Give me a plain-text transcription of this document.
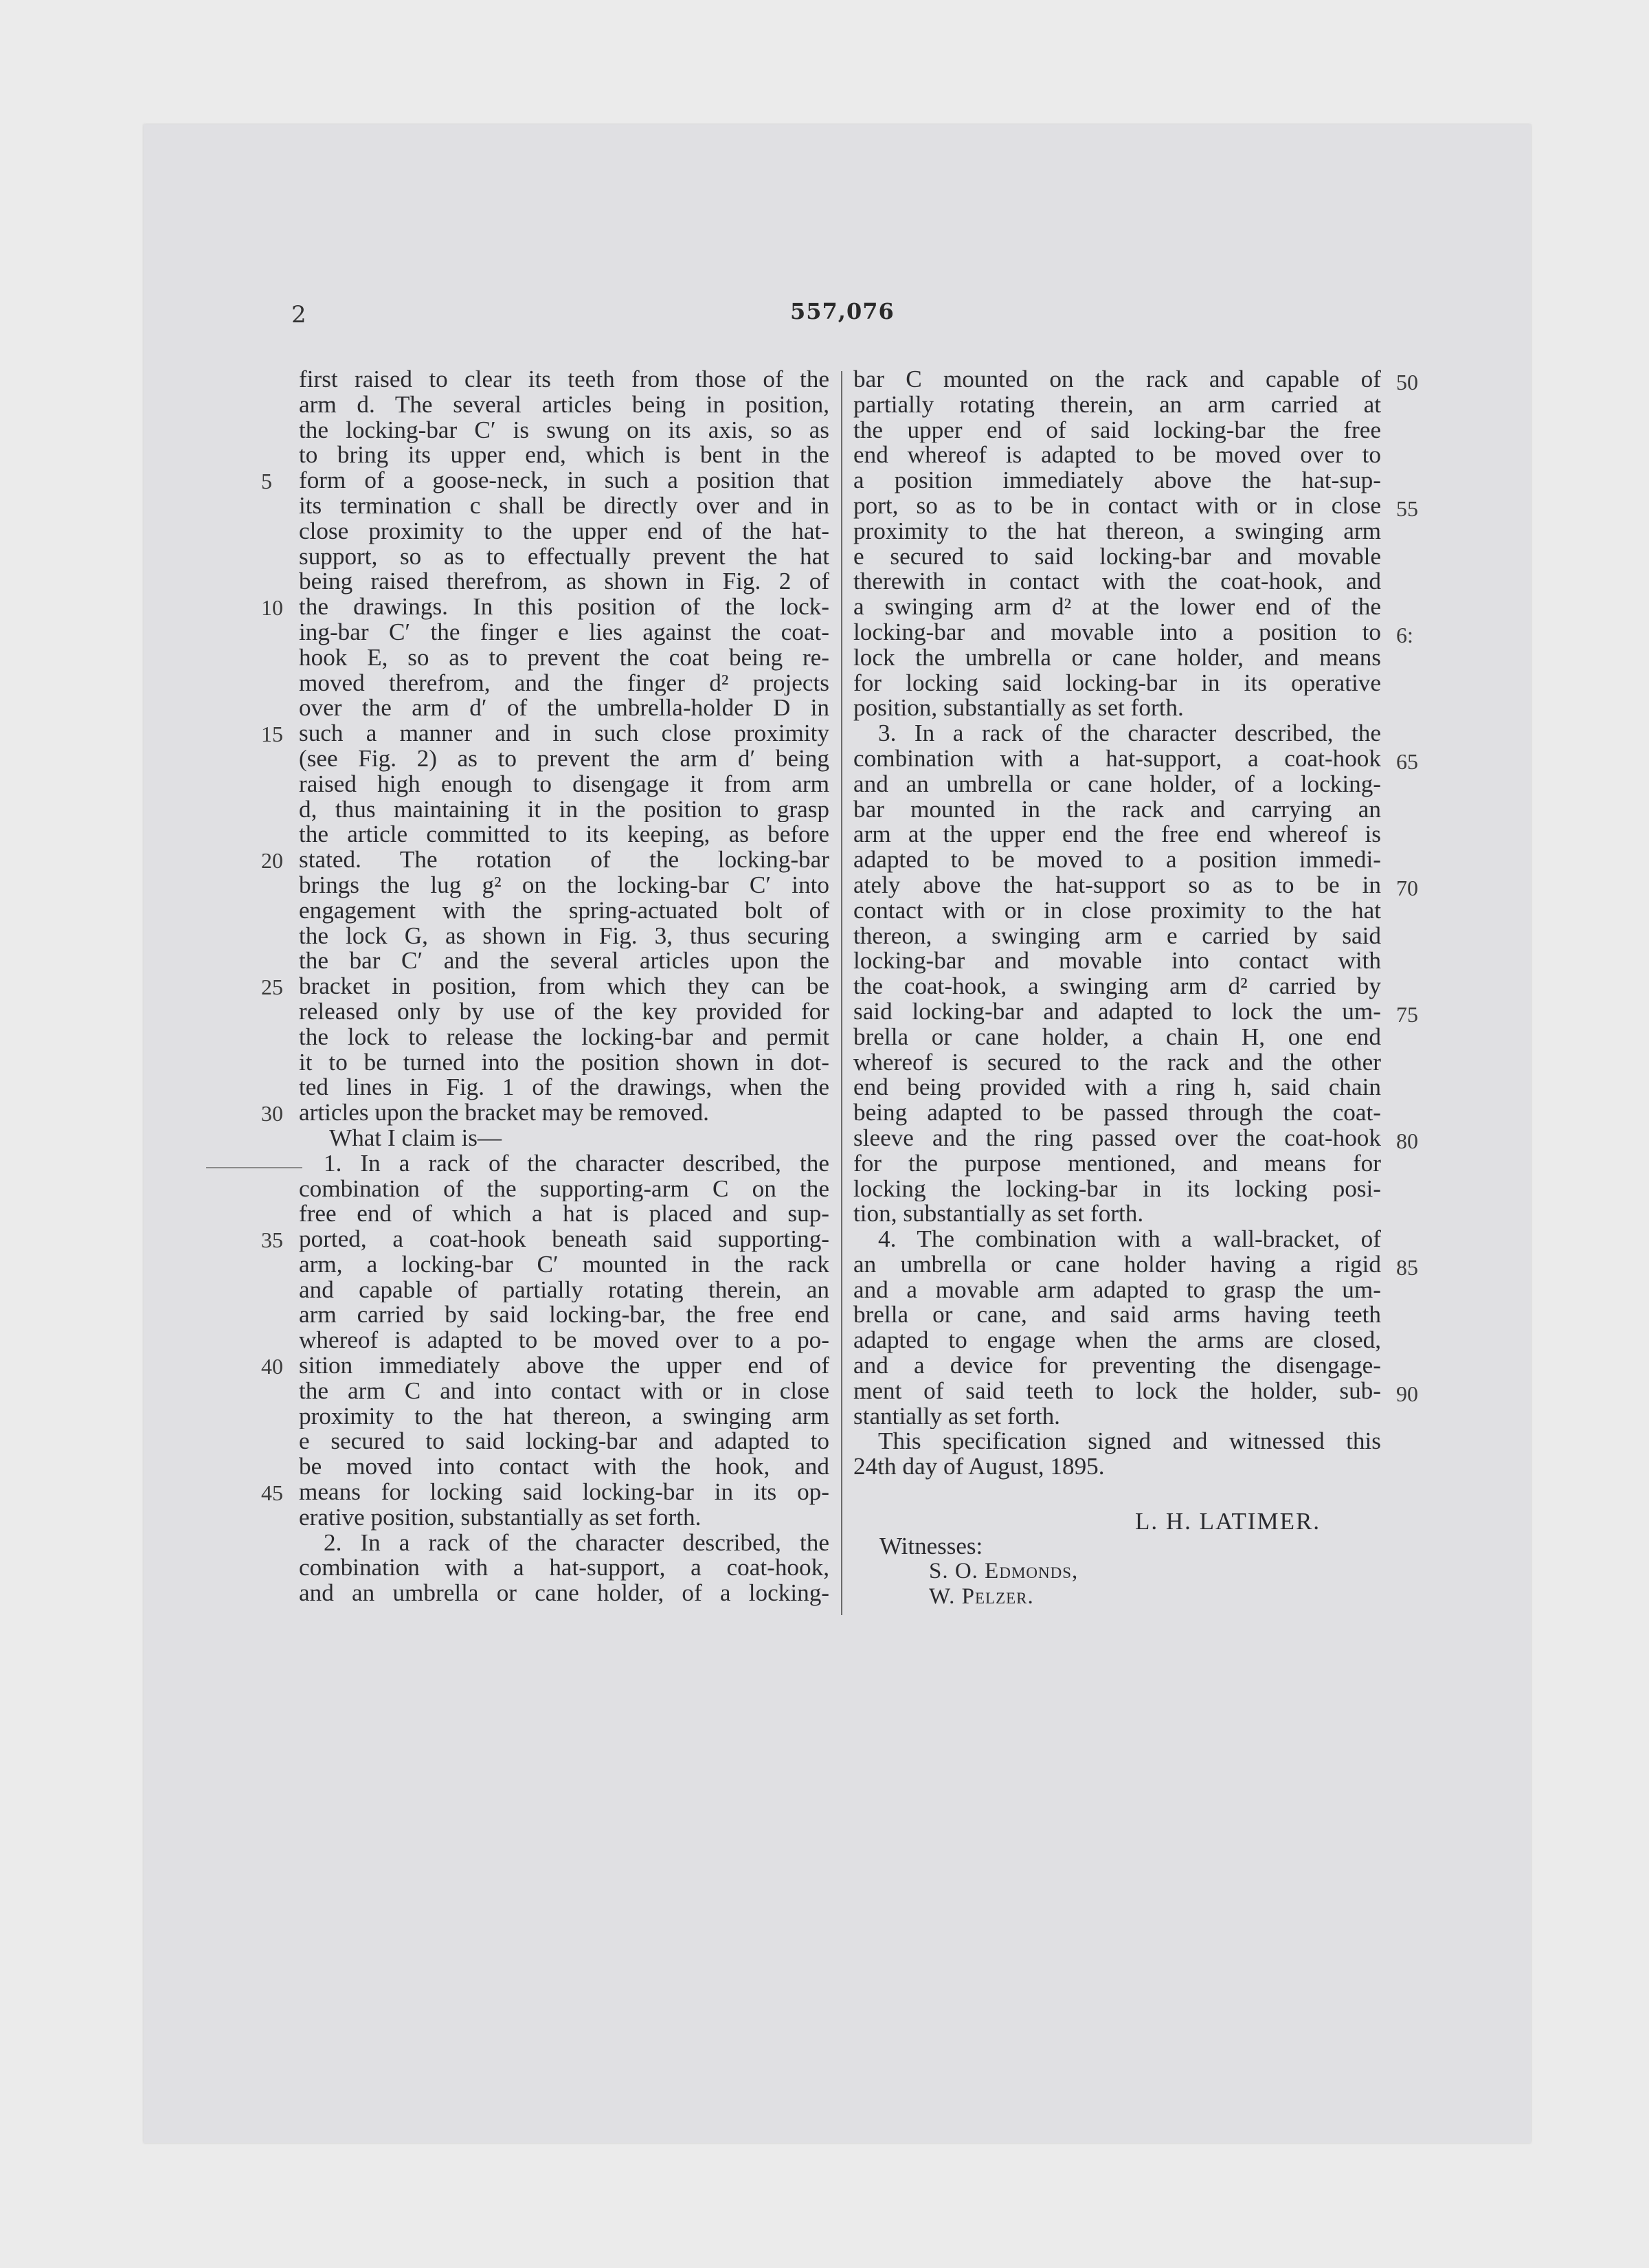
2	557,076
first raised to clear its teeth from those of the
arm d. The several articles being in position,
the locking-bar C′ is swung on its axis, so as
to bring its upper end, which is bent in the
form of a goose-neck, in such a position that
its termination c shall be directly over and in
close proximity to the upper end of the hat-
support, so as to effectually prevent the hat
being raised therefrom, as shown in Fig. 2 of
the drawings. In this position of the lock-
ing-bar C′ the finger e lies against the coat-
hook E, so as to prevent the coat being re-
moved therefrom, and the finger d² projects
over the arm d′ of the umbrella-holder D in
such a manner and in such close proximity
(see Fig. 2) as to prevent the arm d′ being
raised high enough to disengage it from arm
d, thus maintaining it in the position to grasp
the article committed to its keeping, as before
stated. The rotation of the locking-bar
brings the lug g² on the locking-bar C′ into
engagement with the spring-actuated bolt of
the lock G, as shown in Fig. 3, thus securing
the bar C′ and the several articles upon the
bracket in position, from which they can be
released only by use of the key provided for
the lock to release the locking-bar and permit
it to be turned into the position shown in dot-
ted lines in Fig. 1 of the drawings, when the
articles upon the bracket may be removed.
What I claim is—
1. In a rack of the character described, the
combination of the supporting-arm C on the
free end of which a hat is placed and sup-
ported, a coat-hook beneath said supporting-
arm, a locking-bar C′ mounted in the rack
and capable of partially rotating therein, an
arm carried by said locking-bar, the free end
whereof is adapted to be moved over to a po-
sition immediately above the upper end of
the arm C and into contact with or in close
proximity to the hat thereon, a swinging arm
e secured to said locking-bar and adapted to
be moved into contact with the hook, and
means for locking said locking-bar in its op-
erative position, substantially as set forth.
2. In a rack of the character described, the
combination with a hat-support, a coat-hook,
and an umbrella or cane holder, of a locking-
bar C mounted on the rack and capable of
partially rotating therein, an arm carried at
the upper end of said locking-bar the free
end whereof is adapted to be moved over to
a position immediately above the hat-sup-
port, so as to be in contact with or in close
proximity to the hat thereon, a swinging arm
e secured to said locking-bar and movable
therewith in contact with the coat-hook, and
a swinging arm d² at the lower end of the
locking-bar and movable into a position to
lock the umbrella or cane holder, and means
for locking said locking-bar in its operative
position, substantially as set forth.
3. In a rack of the character described, the
combination with a hat-support, a coat-hook
and an umbrella or cane holder, of a locking-
bar mounted in the rack and carrying an
arm at the upper end the free end whereof is
adapted to be moved to a position immedi-
ately above the hat-support so as to be in
contact with or in close proximity to the hat
thereon, a swinging arm e carried by said
locking-bar and movable into contact with
the coat-hook, a swinging arm d² carried by
said locking-bar and adapted to lock the um-
brella or cane holder, a chain H, one end
whereof is secured to the rack and the other
end being provided with a ring h, said chain
being adapted to be passed through the coat-
sleeve and the ring passed over the coat-hook
for the purpose mentioned, and means for
locking the locking-bar in its locking posi-
tion, substantially as set forth.
4. The combination with a wall-bracket, of
an umbrella or cane holder having a rigid
and a movable arm adapted to grasp the um-
brella or cane, and said arms having teeth
adapted to engage when the arms are closed,
and a device for preventing the disengage-
ment of said teeth to lock the holder, sub-
stantially as set forth.
This specification signed and witnessed this
24th day of August, 1895.
5
10
15
20
25
30
35
40
45
50
55
6:
65
70
75
80
85
90
L. H. LATIMER.
Witnesses:
S. O. Edmonds,
W. Pelzer.
